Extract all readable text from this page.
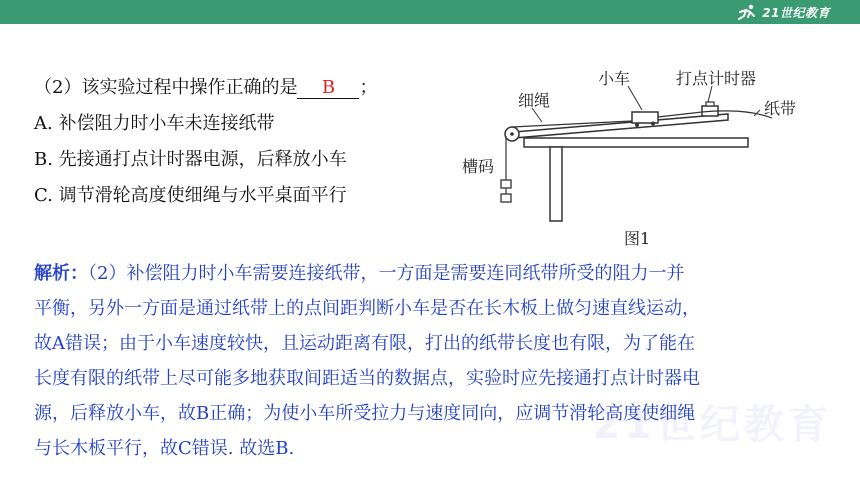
21世纪教育
（2）该实验过程中操作正确的是 B ；
A. 补偿阻力时小车未连接纸带
B. 先接通打点计时器电源，后释放小车
C. 调节滑轮高度使细绳与水平桌面平行
小车	打点计时器
细绳	纸带
槽码
图1

解析：（2）补偿阻力时小车需要连接纸带，一方面是需要连同纸带所受的阻力一并

平衡，另外一方面是通过纸带上的点间距判断小车是否在长木板上做匀速直线运动，

故A错误；由于小车速度较快，且运动距离有限，打出的纸带长度也有限，为了能在

长度有限的纸带上尽可能多地获取间距适当的数据点，实验时应先接通打点计时器电

源，后释放小车，故B正确；为使小车所受拉力与速度同向，应调节滑轮高度使细绳

与长木板平行，故C错误. 故选B.

21世纪教育
